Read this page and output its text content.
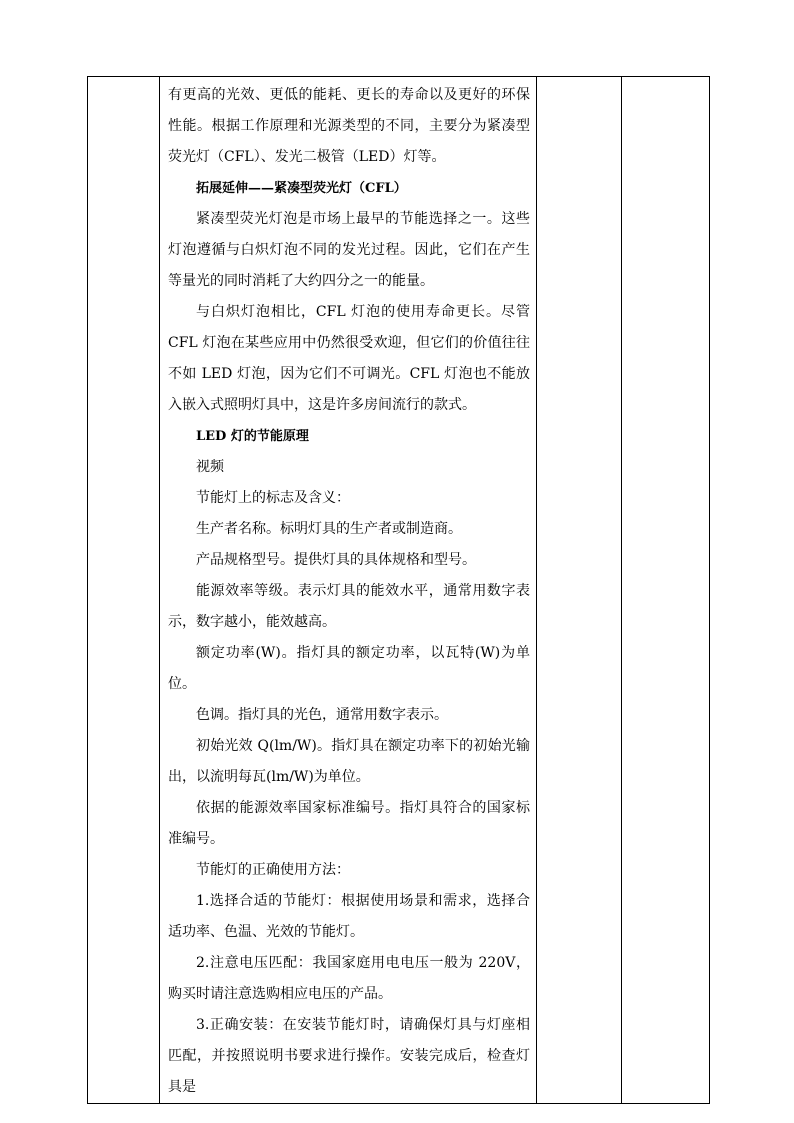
有更高的光效、更低的能耗、更长的寿命以及更好的环保性能。根据工作原理和光源类型的不同，主要分为紧凑型荧光灯（CFL）、发光二极管（LED）灯等。

拓展延伸——紧凑型荧光灯（CFL）

紧凑型荧光灯泡是市场上最早的节能选择之一。这些灯泡遵循与白炽灯泡不同的发光过程。因此，它们在产生等量光的同时消耗了大约四分之一的能量。

与白炽灯泡相比，CFL 灯泡的使用寿命更长。尽管 CFL 灯泡在某些应用中仍然很受欢迎，但它们的价值往往不如 LED 灯泡，因为它们不可调光。CFL 灯泡也不能放入嵌入式照明灯具中，这是许多房间流行的款式。

LED 灯的节能原理

视频

节能灯上的标志及含义：

生产者名称。标明灯具的生产者或制造商。

产品规格型号。提供灯具的具体规格和型号。

能源效率等级。表示灯具的能效水平，通常用数字表示，数字越小，能效越高。

额定功率(W)。指灯具的额定功率，以瓦特(W)为单位。

色调。指灯具的光色，通常用数字表示。

初始光效 Q(lm/W)。指灯具在额定功率下的初始光输出，以流明每瓦(lm/W)为单位。

依据的能源效率国家标准编号。指灯具符合的国家标准编号。

节能灯的正确使用方法：

1.选择合适的节能灯：根据使用场景和需求，选择合适功率、色温、光效的节能灯。

2.注意电压匹配：我国家庭用电电压一般为 220V，购买时请注意选购相应电压的产品。

3.正确安装：在安装节能灯时，请确保灯具与灯座相匹配，并按照说明书要求进行操作。安装完成后，检查灯具是
